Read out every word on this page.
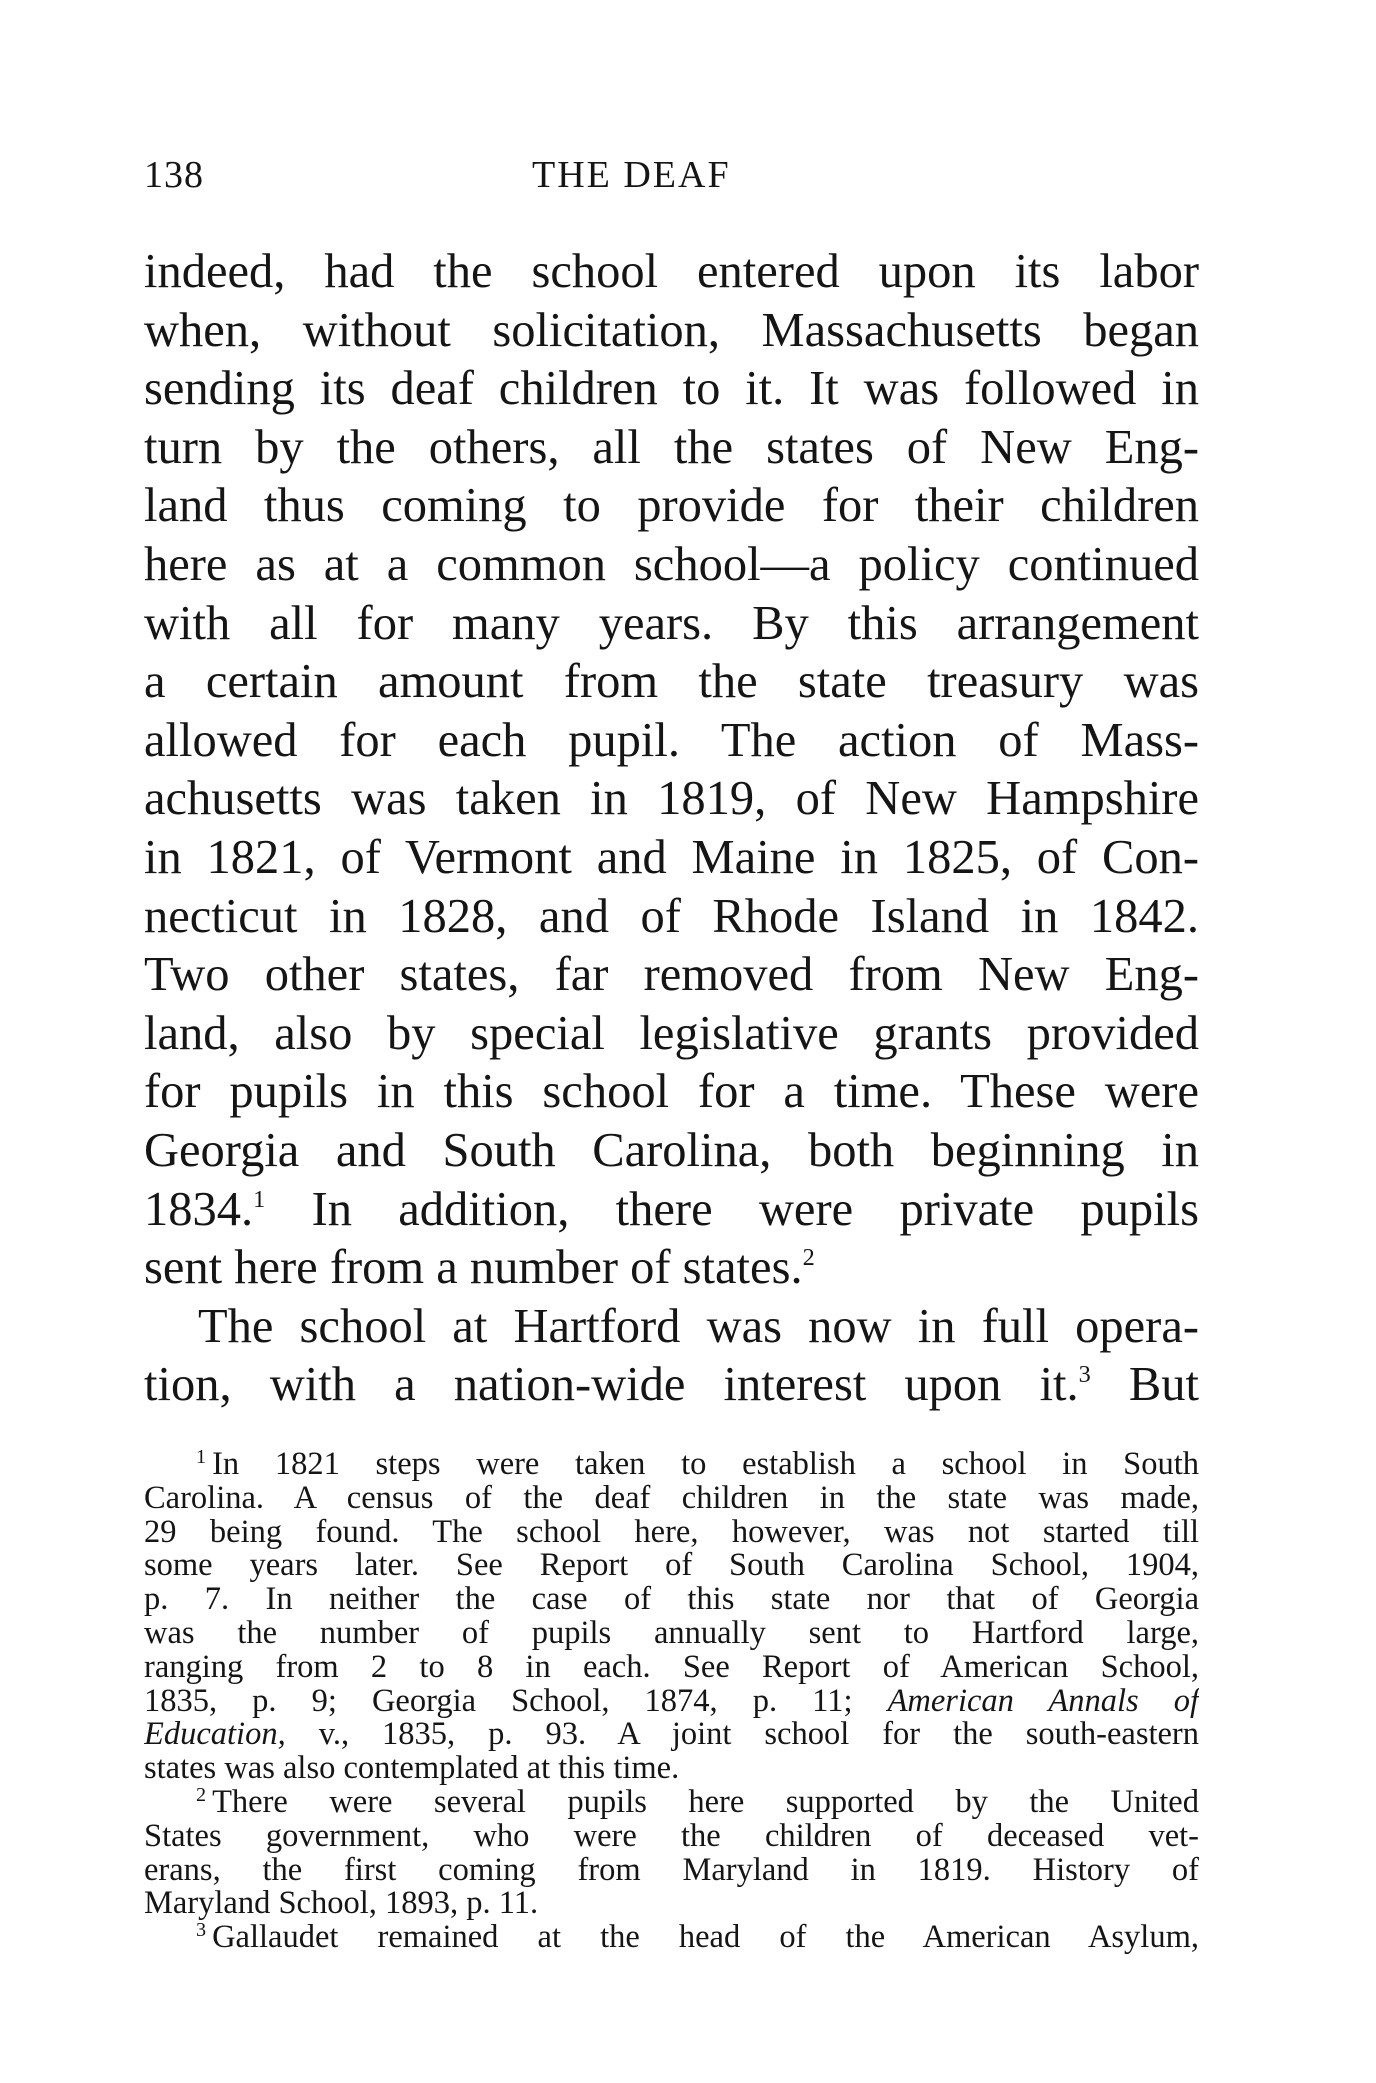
138	THE DEAF
indeed, had the school entered upon its labor
when, without solicitation, Massachusetts began
sending its deaf children to it. It was followed in
turn by the others, all the states of New Eng-
land thus coming to provide for their children
here as at a common school—a policy continued
with all for many years. By this arrangement
a certain amount from the state treasury was
allowed for each pupil. The action of Mass-
achusetts was taken in 1819, of New Hampshire
in 1821, of Vermont and Maine in 1825, of Con-
necticut in 1828, and of Rhode Island in 1842.
Two other states, far removed from New Eng-
land, also by special legislative grants provided
for pupils in this school for a time. These were
Georgia and South Carolina, both beginning in
1834.$^1$ In addition, there were private pupils
sent here from a number of states.$^2$
The school at Hartford was now in full opera-
tion, with a nation-wide interest upon it.$^3$ But
$^1$ In 1821 steps were taken to establish a school in South
Carolina. A census of the deaf children in the state was made,
29 being found. The school here, however, was not started till
some years later. See Report of South Carolina School, 1904,
p. 7. In neither the case of this state nor that of Georgia
was the number of pupils annually sent to Hartford large,
ranging from 2 to 8 in each. See Report of American School,
1835, p. 9; Georgia School, 1874, p. 11; American Annals of
Education, v., 1835, p. 93. A joint school for the south-eastern
states was also contemplated at this time.
$^2$ There were several pupils here supported by the United
States government, who were the children of deceased vet-
erans, the first coming from Maryland in 1819. History of
Maryland School, 1893, p. 11.
$^3$ Gallaudet remained at the head of the American Asylum,
